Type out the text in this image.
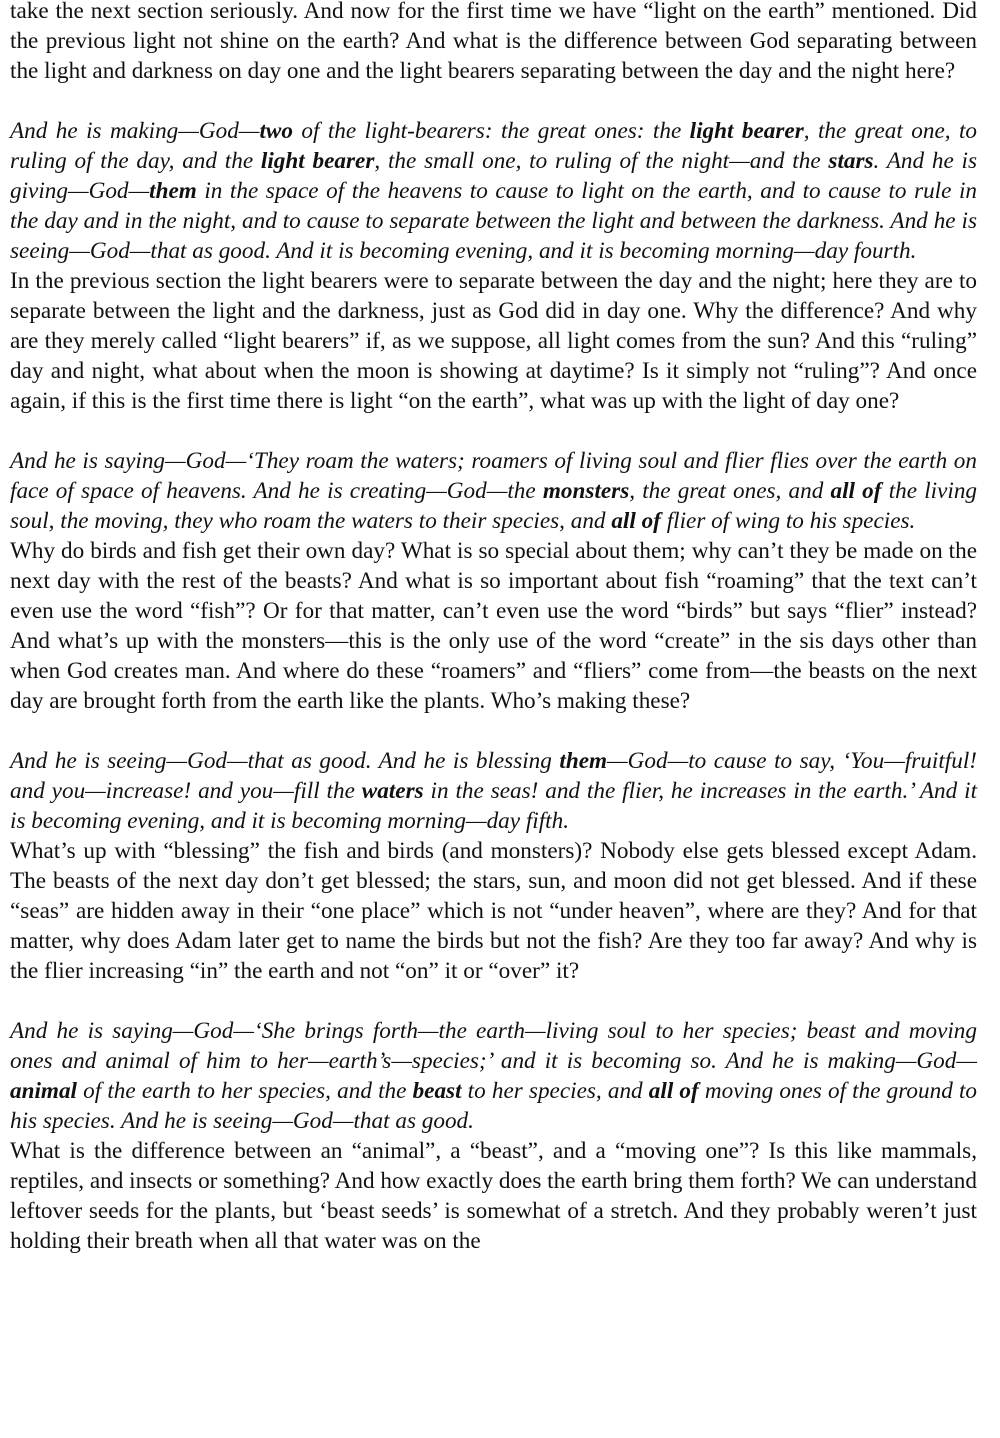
take the next section seriously. And now for the first time we have “light on the earth” mentioned. Did the previous light not shine on the earth? And what is the difference between God separating between the light and darkness on day one and the light bearers separating between the day and the night here?

And he is making—God—two of the light-bearers: the great ones: the light bearer, the great one, to ruling of the day, and the light bearer, the small one, to ruling of the night—and the stars. And he is giving—God—them in the space of the heavens to cause to light on the earth, and to cause to rule in the day and in the night, and to cause to separate between the light and between the darkness. And he is seeing—God—that as good. And it is becoming evening, and it is becoming morning—day fourth.

In the previous section the light bearers were to separate between the day and the night; here they are to separate between the light and the darkness, just as God did in day one. Why the difference? And why are they merely called “light bearers” if, as we suppose, all light comes from the sun? And this “ruling” day and night, what about when the moon is showing at daytime? Is it simply not “ruling”? And once again, if this is the first time there is light “on the earth”, what was up with the light of day one?

And he is saying—God—‘They roam the waters; roamers of living soul and flier flies over the earth on face of space of heavens. And he is creating—God—the monsters, the great ones, and all of the living soul, the moving, they who roam the waters to their species, and all of flier of wing to his species.

Why do birds and fish get their own day? What is so special about them; why can’t they be made on the next day with the rest of the beasts? And what is so important about fish “roaming” that the text can’t even use the word “fish”? Or for that matter, can’t even use the word “birds” but says “flier” instead? And what’s up with the monsters—this is the only use of the word “create” in the sis days other than when God creates man. And where do these “roamers” and “fliers” come from—the beasts on the next day are brought forth from the earth like the plants. Who’s making these?

And he is seeing—God—that as good. And he is blessing them—God—to cause to say, ‘You—fruitful! and you—increase! and you—fill the waters in the seas! and the flier, he increases in the earth.’ And it is becoming evening, and it is becoming morning—day fifth.

What’s up with “blessing” the fish and birds (and monsters)? Nobody else gets blessed except Adam. The beasts of the next day don’t get blessed; the stars, sun, and moon did not get blessed. And if these “seas” are hidden away in their “one place” which is not “under heaven”, where are they? And for that matter, why does Adam later get to name the birds but not the fish? Are they too far away? And why is the flier increasing “in” the earth and not “on” it or “over” it?

And he is saying—God—‘She brings forth—the earth—living soul to her species; beast and moving ones and animal of him to her—earth’s—species;’ and it is becoming so. And he is making—God—animal of the earth to her species, and the beast to her species, and all of moving ones of the ground to his species. And he is seeing—God—that as good.

What is the difference between an “animal”, a “beast”, and a “moving one”? Is this like mammals, reptiles, and insects or something? And how exactly does the earth bring them forth? We can understand leftover seeds for the plants, but ‘beast seeds’ is somewhat of a stretch. And they probably weren’t just holding their breath when all that water was on the
